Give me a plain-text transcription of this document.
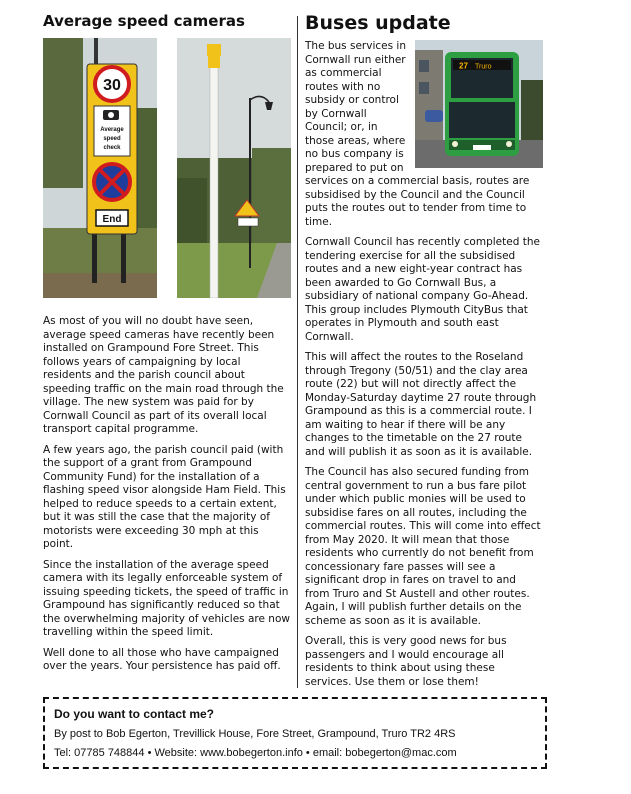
Average speed cameras
30
Average
speed
check
End

As most of you will no doubt have seen, average speed cameras have recently been installed on Grampound Fore Street. This follows years of campaigning by local residents and the parish council about speeding traffic on the main road through the village. The new system was paid for by Cornwall Council as part of its overall local transport capital programme.

A few years ago, the parish council paid (with the support of a grant from Grampound Community Fund) for the installation of a flashing speed visor alongside Ham Field. This helped to reduce speeds to a certain extent, but it was still the case that the majority of motorists were exceeding 30 mph at this point.

Since the installation of the average speed camera with its legally enforceable system of issuing speeding tickets, the speed of traffic in Grampound has significantly reduced so that the overwhelming majority of vehicles are now travelling within the speed limit.

Well done to all those who have campaigned over the years. Your persistence has paid off.

Buses update
27 Truro

The bus services in Cornwall run either as commercial routes with no subsidy or control by Cornwall Council; or, in those areas, where no bus company is prepared to put on services on a commercial basis, routes are subsidised by the Council and the Council puts the routes out to tender from time to time.

Cornwall Council has recently completed the tendering exercise for all the subsidised routes and a new eight-year contract has been awarded to Go Cornwall Bus, a subsidiary of national company Go-Ahead. This group includes Plymouth CityBus that operates in Plymouth and south east Cornwall.

This will affect the routes to the Roseland through Tregony (50/51) and the clay area route (22) but will not directly affect the Monday-Saturday daytime 27 route through Grampound as this is a commercial route. I am waiting to hear if there will be any changes to the timetable on the 27 route and will publish it as soon as it is available.

The Council has also secured funding from central government to run a bus fare pilot under which public monies will be used to subsidise fares on all routes, including the commercial routes. This will come into effect from May 2020. It will mean that those residents who currently do not benefit from concessionary fare passes will see a significant drop in fares on travel to and from Truro and St Austell and other routes. Again, I will publish further details on the scheme as soon as it is available.

Overall, this is very good news for bus passengers and I would encourage all residents to think about using these services. Use them or lose them!

Do you want to contact me?
By post to Bob Egerton, Trevillick House, Fore Street, Grampound, Truro TR2 4RS
Tel: 07785 748844 • Website: www.bobegerton.info • email: bobegerton@mac.com
